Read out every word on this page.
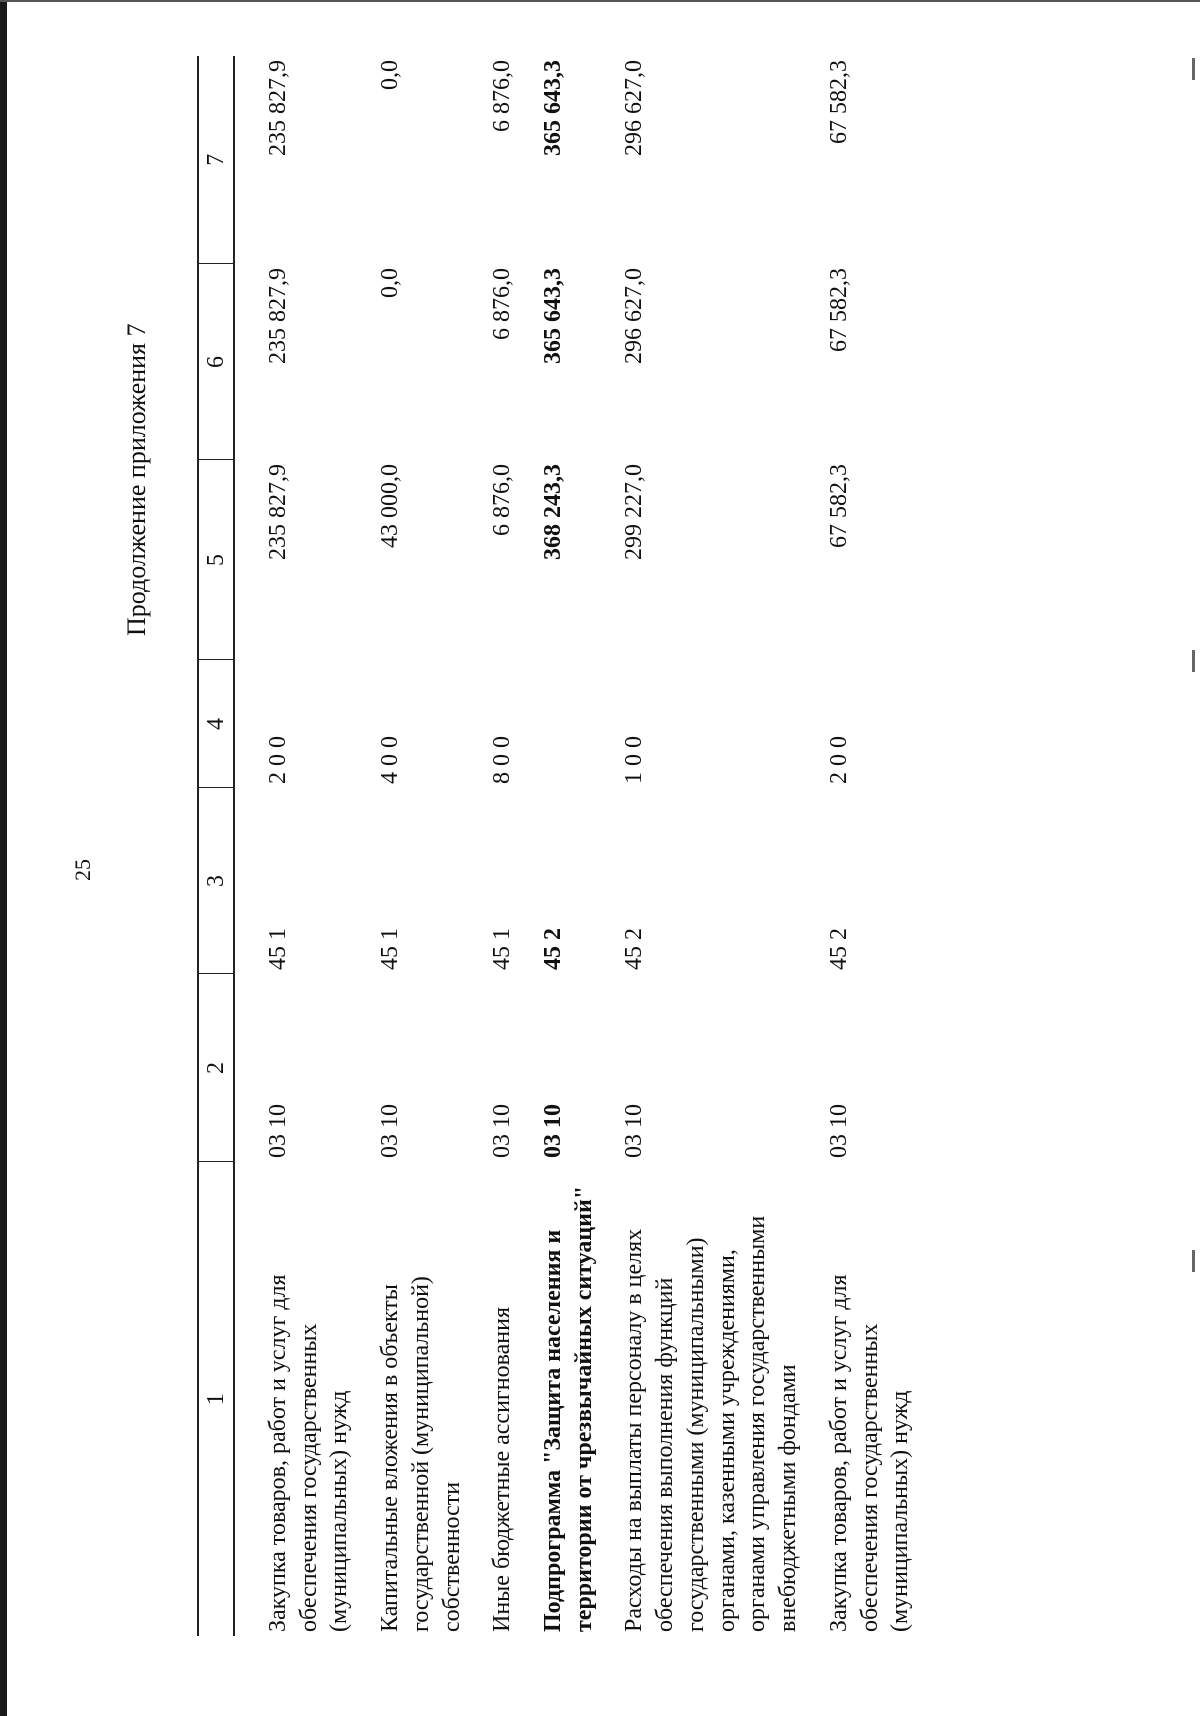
25
Продолжение приложения 7
1	2	3	4	5	6	7
Закупка товаров, работ и услуг для обеспечения государственных (муниципальных) нужд	03 10	45 1	2 0 0	235 827,9	235 827,9	235 827,9
Капитальные вложения в объекты государственной (муниципальной) собственности	03 10	45 1	4 0 0	43 000,0	0,0	0,0
Иные бюджетные ассигнования	03 10	45 1	8 0 0	6 876,0	6 876,0	6 876,0
Подпрограмма "Защита населения и территории от чрезвычайных ситуаций"	03 10	45 2		368 243,3	365 643,3	365 643,3
Расходы на выплаты персоналу в целях обеспечения выполнения функций государственными (муниципальными) органами, казенными учреждениями, органами управления государственными внебюджетными фондами	03 10	45 2	1 0 0	299 227,0	296 627,0	296 627,0
Закупка товаров, работ и услуг для обеспечения государственных (муниципальных) нужд	03 10	45 2	2 0 0	67 582,3	67 582,3	67 582,3
